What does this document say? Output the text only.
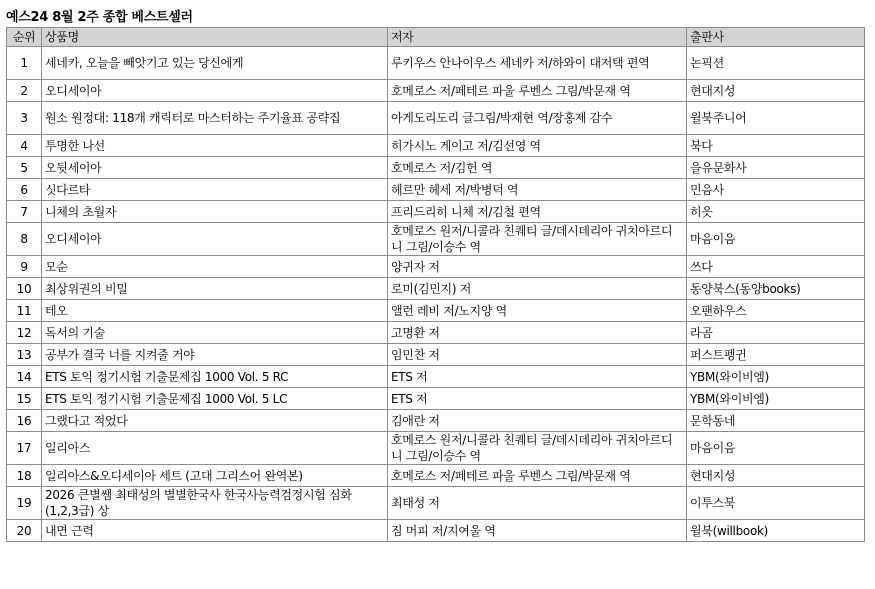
예스24 8월 2주 종합 베스트셀러
순위	상품명	저자	출판사
1	세네카, 오늘을 빼앗기고 있는 당신에게	루키우스 안나이우스 세네카 저/하와이 대저택 편역	논픽션
2	오디세이아	호메로스 저/페테르 파울 루벤스 그림/박문재 역	현대지성
3	원소 원정대: 118개 캐릭터로 마스터하는 주기율표 공략집	아게도리도리 글그림/박재현 역/장홍제 감수	윌북주니어
4	투명한 나선	히가시노 게이고 저/김선영 역	북다
5	오뒷세이아	호메로스 저/김헌 역	을유문화사
6	싯다르타	헤르만 헤세 저/박병덕 역	민음사
7	니체의 초월자	프리드리히 니체 저/김철 편역	히읏
8	오디세이아	호메로스 원저/니콜라 친퀘티 글/데시데리아 귀치아르디니 그림/이승수 역	마음이음
9	모순	양귀자 저	쓰다
10	최상위권의 비밀	로미(김민지) 저	동양북스(동양books)
11	테오	앨런 레비 저/노지양 역	오팬하우스
12	독서의 기술	고명환 저	라곰
13	공부가 결국 너를 지켜줄 거야	임민찬 저	퍼스트펭귄
14	ETS 토익 정기시험 기출문제집 1000 Vol. 5 RC	ETS 저	YBM(와이비엠)
15	ETS 토익 정기시험 기출문제집 1000 Vol. 5 LC	ETS 저	YBM(와이비엠)
16	그랬다고 적었다	김애란 저	문학동네
17	일리아스	호메로스 원저/니콜라 친퀘티 글/데시데리아 귀치아르디니 그림/이승수 역	마음이음
18	일리아스&오디세이아 세트 (고대 그리스어 완역본)	호메로스 저/페테르 파울 루벤스 그림/박문재 역	현대지성
19	2026 큰별쌤 최태성의 별별한국사 한국사능력검정시험 심화(1,2,3급) 상	최태성 저	이투스북
20	내면 근력	짐 머피 저/지여울 역	윌북(willbook)
